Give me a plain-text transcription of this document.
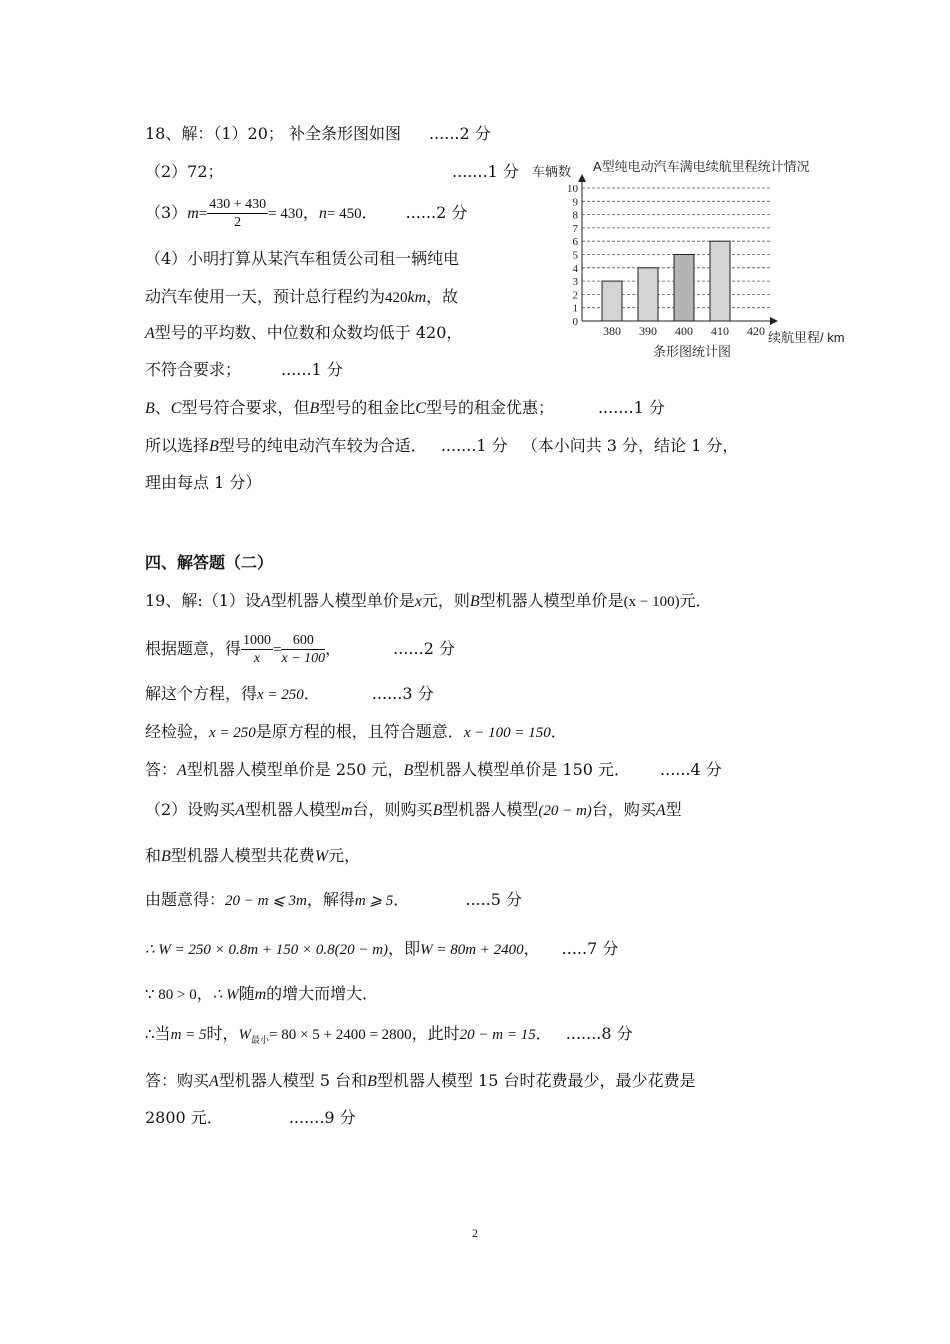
18、解：（1）20； 补全条形图如图 ......2 分
（2）72；	.......1 分
$(3)m= \frac{430 + 430}{2} = 430$，n= 450． ......2 分
（4）小明打算从某汽车租赁公司租一辆纯电
动汽车使用一天，预计总行程约为420km，故
A型号的平均数、中位数和众数均低于 420，
不符合要求；	......1 分
B、C型号符合要求，但B型号的租金比C型号的租金优惠；	.......1 分
所以选择B型号的纯电动汽车较为合适． .......1 分 （本小问共 3 分，结论 1 分，
理由每点 1 分）
车辆数 A型纯电动汽车满电续航里程统计情况
0
1
2
3
4
5
6
7
8
9
10
380 390 400 410 420 续航里程/ km
条形图统计图
四、解答题（二）
19、解:（1）设A型机器人模型单价是x元，则B型机器人模型单价是(x − 100)元．
根据题意，得 $\frac{1000}{x} = \frac{600}{x - 100}$ ，	......2 分
解这个方程，得x = 250．	......3 分
经检验，x = 250是原方程的根，且符合题意．x − 100 = 150．
答：A型机器人模型单价是 250 元，B型机器人模型单价是 150 元． ......4 分
（2）设购买A型机器人模型m台，则购买B型机器人模型(20 − m)台，购买A型
和B型机器人模型共花费W元，
由题意得：20 − m ⩽ 3m，解得m ⩾ 5．	.....5 分
∴ W = 250 × 0.8m + 150 × 0.8(20 − m)，即W = 80m + 2400， .....7 分
∵ 80 > 0，∴ W随m的增大而增大．
∴当m = 5时，$W_{最小}= 80 \times 5 + 2400 = 2800$，此时20 − m = 15． .......8 分
答：购买A型机器人模型 5 台和B型机器人模型 15 台时花费最少，最少花费是
2800 元．	.......9 分
2
